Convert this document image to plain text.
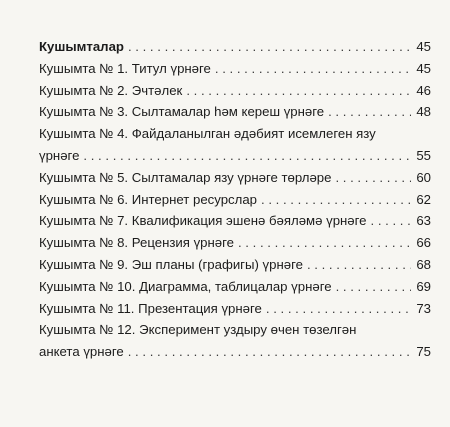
Кушымталар . . .	45
Кушымта № 1. Титул үрнәге . . .	45
Кушымта № 2. Эчтәлек . . .	46
Кушымта № 3. Сылтамалар һәм кереш үрнәге . . .	48
Кушымта № 4. Файдаланылган әдәбият исемлеген язу
үрнәге . . .	55
Кушымта № 5. Сылтамалар язу үрнәге төрләре . . .	60
Кушымта № 6. Интернет ресурслар . . .	62
Кушымта № 7. Квалификация эшенә бәяләмә үрнәге . . .	63
Кушымта № 8. Рецензия үрнәге . . .	66
Кушымта № 9. Эш планы (графигы) үрнәге . . .	68
Кушымта № 10. Диаграмма, таблицалар үрнәге . . .	69
Кушымта № 11. Презентация үрнәге . . .	73
Кушымта № 12. Эксперимент уздыру өчен төзелгән
анкета үрнәге . . .	75
